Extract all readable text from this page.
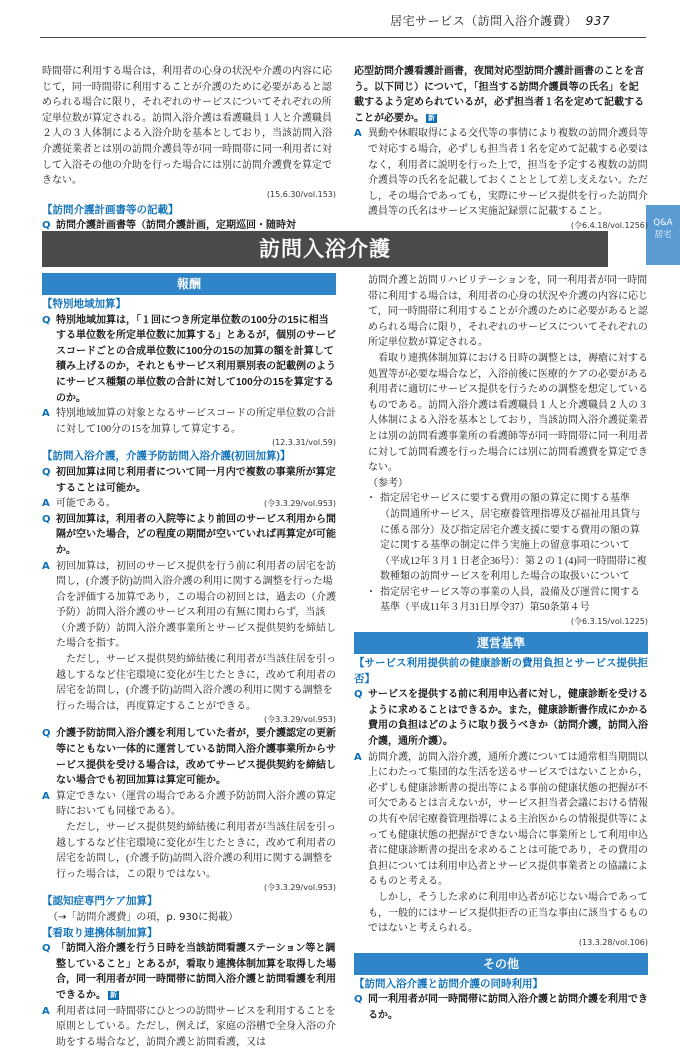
居宅サービス（訪問入浴介護費） 937
Q&A
居宅

時間帯に利用する場合は，利用者の心身の状況や介護の内容に応じて，同一時間帯に利用することが介護のために必要があると認められる場合に限り，それぞれのサービスについてそれぞれの所定単位数が算定される。訪問入浴介護は看護職員１人と介護職員２人の３人体制による入浴介助を基本としており，当該訪問入浴介護従業者とは別の訪問介護員等が同一時間帯に同一利用者に対して入浴その他の介助を行った場合には別に訪問介護費を算定できない。

(15.6.30/vol.153)

【訪問介護計画書等の記載】

Q 訪問介護計画書等（訪問介護計画，定期巡回・随時対

応型訪問介護看護計画書，夜間対応型訪問介護計画書のことを言う。以下同じ）について，「担当する訪問介護員等の氏名」を記載するよう定められているが，必ず担当者１名を定めて記載することが必要か。 新

A 異動や休暇取得による交代等の事情により複数の訪問介護員等で対応する場合，必ずしも担当者１名を定めて記載する必要はなく，利用者に説明を行った上で，担当を予定する複数の訪問介護員等の氏名を記載しておくこととして差し支えない。ただし，その場合であっても，実際にサービス提供を行った訪問介護員等の氏名はサービス実施記録票に記載すること。

(令6.4.18/vol.1256)

訪問入浴介護
報酬

【特別地域加算】

Q 特別地域加算は，「１回につき所定単位数の100分の15に相当する単位数を所定単位数に加算する」とあるが，個別のサービスコードごとの合成単位数に100分の15の加算の額を計算して積み上げるのか，それともサービス利用票別表の記載例のようにサービス種類の単位数の合計に対して100分の15を算定するのか。

A 特別地域加算の対象となるサービスコードの所定単位数の合計に対して100分の15を加算して算定する。

(12.3.31/vol.59)

【訪問入浴介護，介護予防訪問入浴介護(初回加算)】

Q 初回加算は同じ利用者について同一月内で複数の事業所が算定することは可能か。

A 可能である。	(令3.3.29/vol.953)

Q 初回加算は，利用者の入院等により前回のサービス利用から間隔が空いた場合，どの程度の期間が空いていれば再算定が可能か。

A 初回加算は，初回のサービス提供を行う前に利用者の居宅を訪問し，(介護予防)訪問入浴介護の利用に関する調整を行った場合を評価する加算であり，この場合の初回とは，過去の（介護予防）訪問入浴介護のサービス利用の有無に関わらず，当該（介護予防）訪問入浴介護事業所とサービス提供契約を締結した場合を指す。

ただし，サービス提供契約締結後に利用者が当該住居を引っ越しするなど住宅環境に変化が生じたときに，改めて利用者の居宅を訪問し，(介護予防)訪問入浴介護の利用に関する調整を行った場合は，再度算定することができる。

(令3.3.29/vol.953)

Q 介護予防訪問入浴介護を利用していた者が，要介護認定の更新等にともない一体的に運営している訪問入浴介護事業所からサービス提供を受ける場合は，改めてサービス提供契約を締結しない場合でも初回加算は算定可能か。

A 算定できない（運営の場合である介護予防訪問入浴介護の算定時においても同様である）。

ただし，サービス提供契約締結後に利用者が当該住居を引っ越しするなど住宅環境に変化が生じたときに，改めて利用者の居宅を訪問し，(介護予防)訪問入浴介護の利用に関する調整を行った場合は，この限りではない。

(令3.3.29/vol.953)

【認知症専門ケア加算】

（→「訪問介護費」の項，p. 930に掲載）

【看取り連携体制加算】

Q 「訪問入浴介護を行う日時を当該訪問看護ステーション等と調整していること」とあるが，看取り連携体制加算を取得した場合，同一利用者が同一時間帯に訪問入浴介護と訪問看護を利用できるか。 新

A 利用者は同一時間帯にひとつの訪問サービスを利用することを原則としている。ただし，例えば，家庭の浴槽で全身入浴の介助をする場合など，訪問介護と訪問看護，又は

訪問介護と訪問リハビリテーションを，同一利用者が同一時間帯に利用する場合は，利用者の心身の状況や介護の内容に応じて，同一時間帯に利用することが介護のために必要があると認められる場合に限り，それぞれのサービスについてそれぞれの所定単位数が算定される。

看取り連携体制加算における日時の調整とは，褥瘡に対する処置等が必要な場合など，入浴前後に医療的ケアの必要がある利用者に適切にサービス提供を行うための調整を想定しているものである。訪問入浴介護は看護職員１人と介護職員２人の３人体制による入浴を基本としており，当該訪問入浴介護従業者とは別の訪問看護事業所の看護師等が同一時間帯に同一利用者に対して訪問看護を行った場合には別に訪問看護費を算定できない。

（参考）

・ 指定居宅サービスに要する費用の額の算定に関する基準（訪問通所サービス，居宅療養管理指導及び福祉用具貸与に係る部分）及び指定居宅介護支援に要する費用の額の算定に関する基準の制定に伴う実施上の留意事項について（平成12年３月１日老企36号）：第２の１(4)同一時間帯に複数種類の訪問サービスを利用した場合の取扱いについて
・ 指定居宅サービス等の事業の人員，設備及び運営に関する基準（平成11年３月31日厚令37）第50条第４号

(令6.3.15/vol.1225)

運営基準

【サービス利用提供前の健康診断の費用負担とサービス提供拒否】

Q サービスを提供する前に利用申込者に対し，健康診断を受けるように求めることはできるか。また，健康診断書作成にかかる費用の負担はどのように取り扱うべきか（訪問介護，訪問入浴介護，通所介護）。

A 訪問介護，訪問入浴介護，通所介護については通常相当期間以上にわたって集団的な生活を送るサービスではないことから，必ずしも健康診断書の提出等による事前の健康状態の把握が不可欠であるとは言えないが，サービス担当者会議における情報の共有や居宅療養管理指導による主治医からの情報提供等によっても健康状態の把握ができない場合に事業所として利用申込者に健康診断書の提出を求めることは可能であり，その費用の負担については利用申込者とサービス提供事業者との協議によるものと考える。

しかし，そうした求めに利用申込者が応じない場合であっても，一般的にはサービス提供拒否の正当な事由に該当するものではないと考えられる。

(13.3.28/vol.106)

その他

【訪問入浴介護と訪問介護の同時利用】

Q 同一利用者が同一時間帯に訪問入浴介護と訪問介護を利用できるか。
